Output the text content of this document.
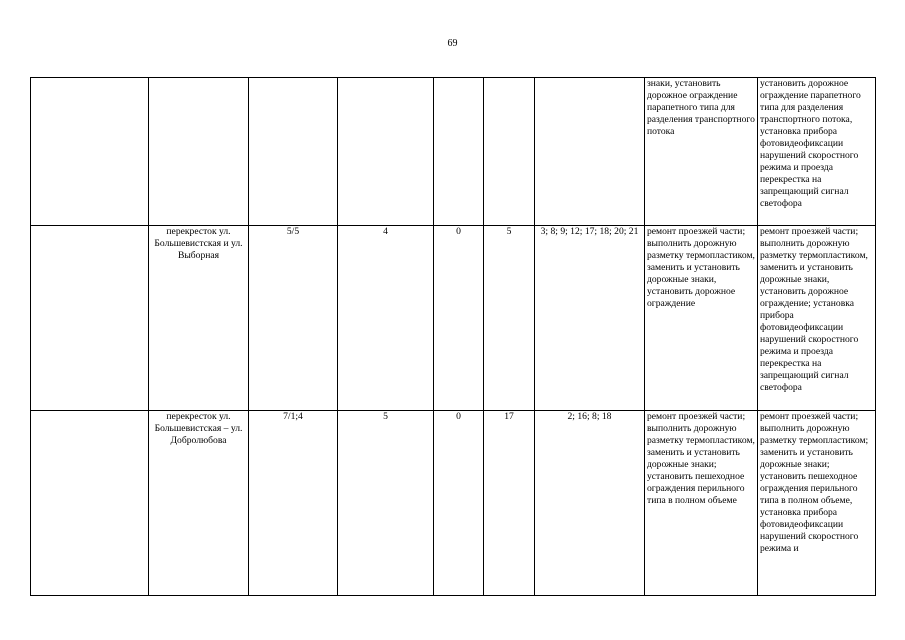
69
							знаки, установить дорожное ограждение парапетного типа для разделения транспортного потока	установить дорожное ограждение парапетного типа для разделения транспортного потока, установка прибора фотовидеофиксации нарушений скоростного режима и проезда перекрестка на запрещающий сигнал светофора
	перекресток ул. Большевистская и ул. Выборная	5/5	4	0	5	3; 8; 9; 12; 17; 18; 20; 21	ремонт проезжей части; выполнить дорожную разметку термопластиком, заменить и установить дорожные знаки, установить дорожное ограждение	ремонт проезжей части; выполнить дорожную разметку термопластиком, заменить и установить дорожные знаки, установить дорожное ограждение; установка прибора фотовидеофиксации нарушений скоростного режима и проезда перекрестка на запрещающий сигнал светофора
	перекресток ул. Большевистская – ул. Добролюбова	7/1;4	5	0	17	2; 16; 8; 18	ремонт проезжей части; выполнить дорожную разметку термопластиком, заменить и установить дорожные знаки; установить пешеходное ограждения перильного типа в полном объеме	ремонт проезжей части; выполнить дорожную разметку термопластиком; заменить и установить дорожные знаки; установить пешеходное ограждения перильного типа в полном объеме, установка прибора фотовидеофиксации нарушений скоростного режима и
